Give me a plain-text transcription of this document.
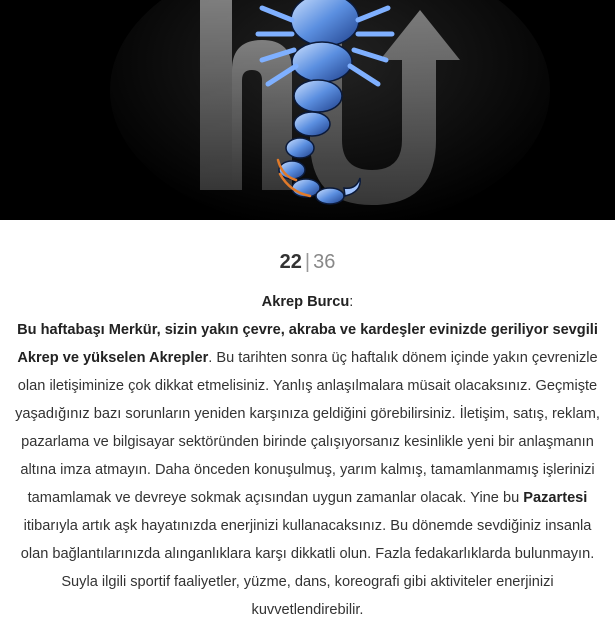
22 | 36

Akrep Burcu:

Bu haftabaşı Merkür, sizin yakın çevre, akraba ve kardeşler evinizde geriliyor sevgili Akrep ve yükselen Akrepler. Bu tarihten sonra üç haftalık dönem içinde yakın çevrenizle olan iletişiminize çok dikkat etmelisiniz. Yanlış anlaşılmalara müsait olacaksınız. Geçmişte yaşadığınız bazı sorunların yeniden karşınıza geldiğini görebilirsiniz. İletişim, satış, reklam, pazarlama ve bilgisayar sektöründen birinde çalışıyorsanız kesinlikle yeni bir anlaşmanın altına imza atmayın. Daha önceden konuşulmuş, yarım kalmış, tamamlanmamış işlerinizi tamamlamak ve devreye sokmak açısından uygun zamanlar olacak. Yine bu Pazartesi itibarıyla artık aşk hayatınızda enerjinizi kullanacaksınız. Bu dönemde sevdiğiniz insanla olan bağlantılarınızda alınganlıklara karşı dikkatli olun. Fazla fedakarlıklarda bulunmayın. Suyla ilgili sportif faaliyetler, yüzme, dans, koreografi gibi aktiviteler enerjinizi kuvvetlendirebilir.
